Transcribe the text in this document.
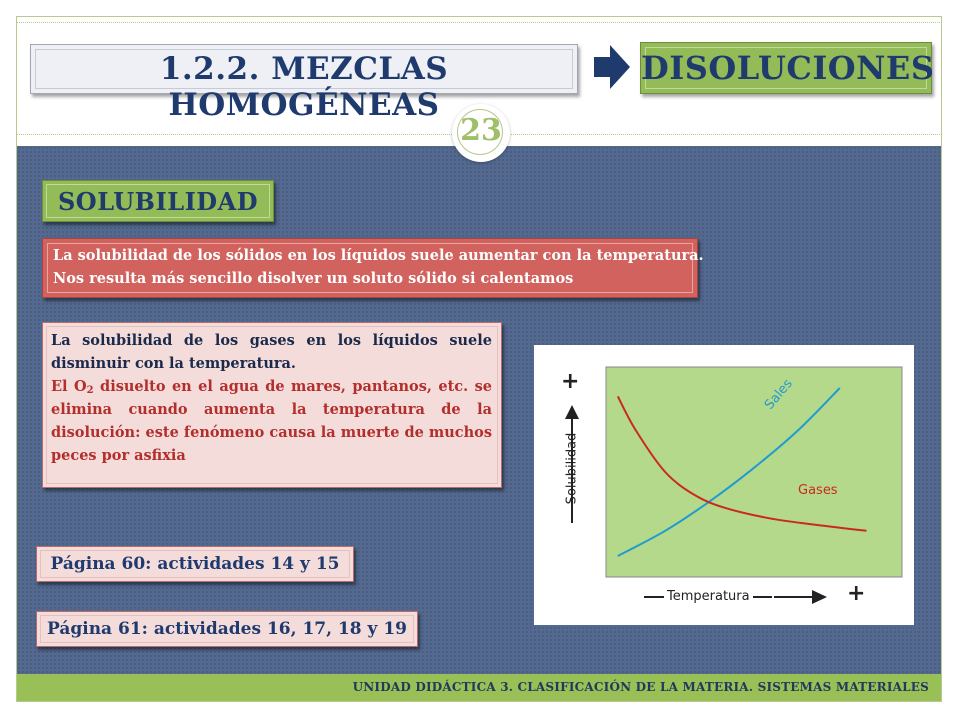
1.2.2. MEZCLAS HOMOGÉNEAS
DISOLUCIONES
23
SOLUBILIDAD
La solubilidad de los sólidos en los líquidos suele aumentar con la temperatura.
Nos resulta más sencillo disolver un soluto sólido si calentamos
La solubilidad de los gases en los líquidos suele disminuir con la temperatura.
El $O_2$ disuelto en el agua de mares, pantanos, etc. se elimina cuando aumenta la temperatura de la disolución: este fenómeno causa la muerte de muchos peces por asfixia
Página 60: actividades 14 y 15
Página 61: actividades 16, 17, 18 y 19
+
Solubilidad
Temperatura	+
Sales
Gases
UNIDAD DIDÁCTICA 3. CLASIFICACIÓN DE LA MATERIA. SISTEMAS MATERIALES
